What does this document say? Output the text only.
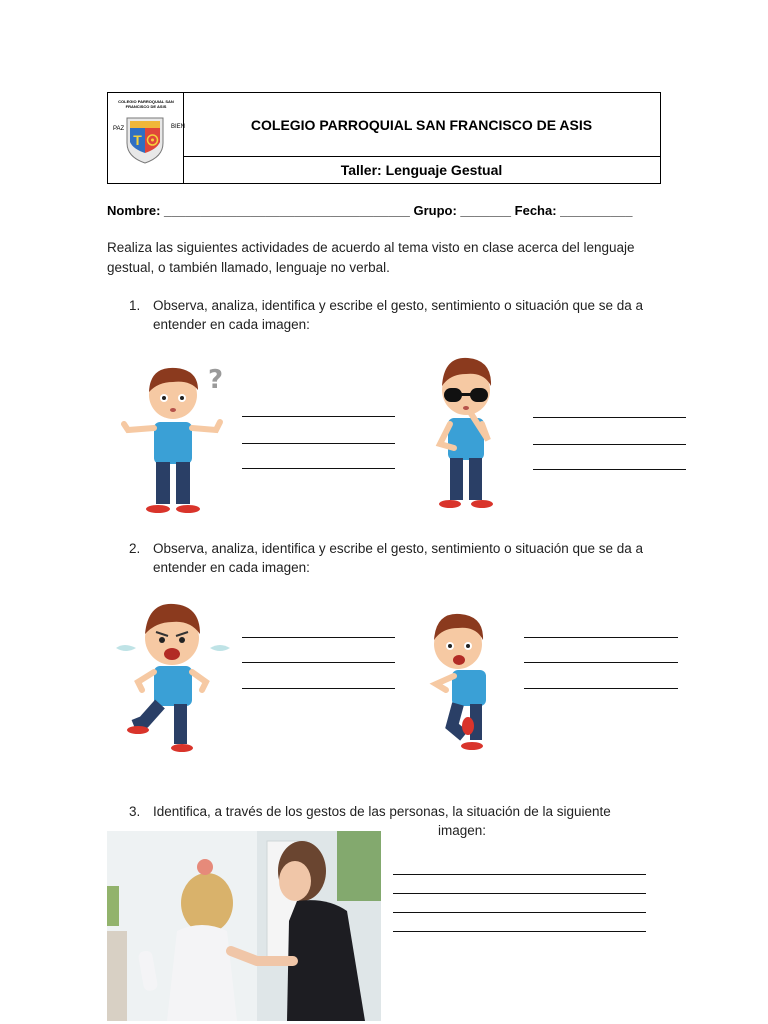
COLEGIO PARROQUIAL SAN FRANCISCO DE ASIS
T
PAZ	BIEN	COLEGIO PARROQUIAL SAN FRANCISCO DE ASIS
Taller: Lenguaje Gestual
Nombre: __________________________________ Grupo: _______ Fecha: __________
Realiza las siguientes actividades de acuerdo al tema visto en clase acerca del lenguaje gestual, o también llamado, lenguaje no verbal.
1. Observa, analiza, identifica y escribe el gesto, sentimiento o situación que se da a entender en cada imagen:
?
2. Observa, analiza, identifica y escribe el gesto, sentimiento o situación que se da a entender en cada imagen:
3. Identifica, a través de los gestos de las personas, la situación de la siguiente
imagen:
